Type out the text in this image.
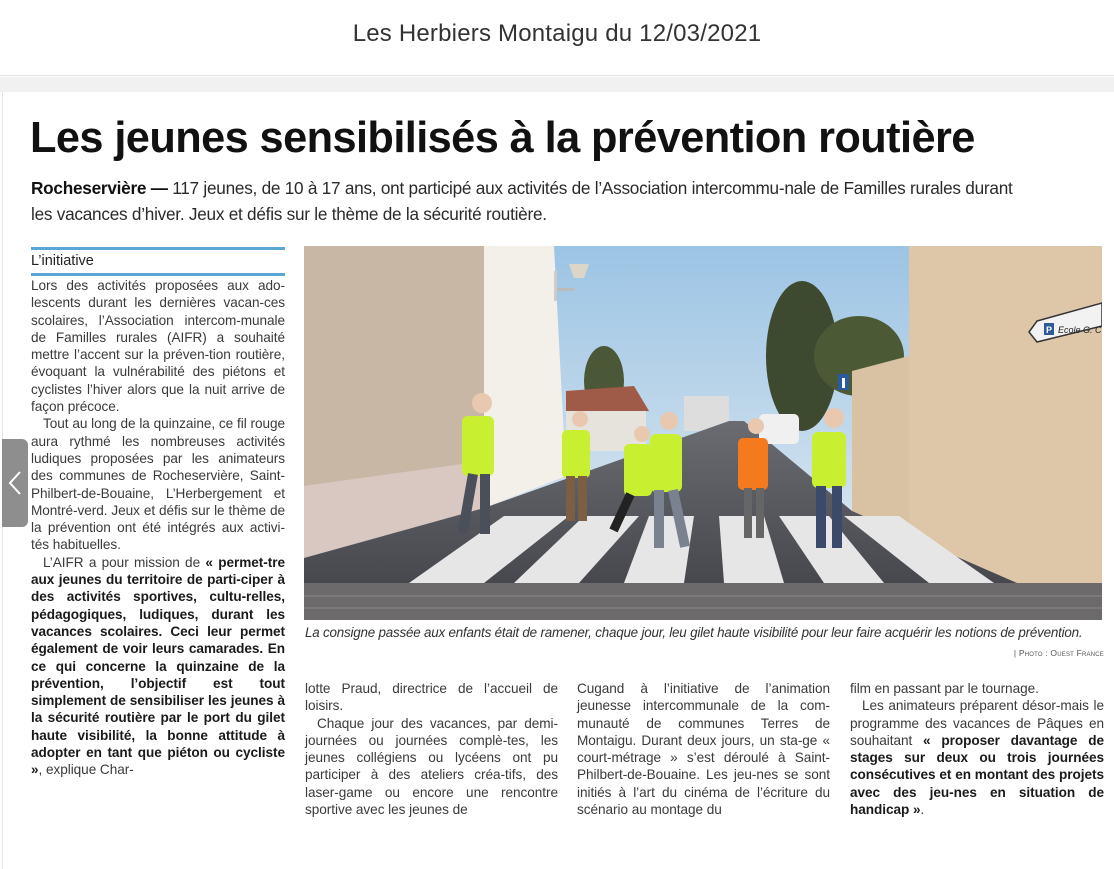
Les Herbiers Montaigu du 12/03/2021
Les jeunes sensibilisés à la prévention routière
Rocheservière — 117 jeunes, de 10 à 17 ans, ont participé aux activités de l’Association intercommu-nale de Familles rurales durant les vacances d’hiver. Jeux et défis sur le thème de la sécurité routière.
L’initiative

Lors des activités proposées aux ado-lescents durant les dernières vacan-ces scolaires, l’Association intercom-munale de Familles rurales (AIFR) a souhaité mettre l’accent sur la préven-tion routière, évoquant la vulnérabilité des piétons et cyclistes l’hiver alors que la nuit arrive de façon précoce.

Tout au long de la quinzaine, ce fil rouge aura rythmé les nombreuses activités ludiques proposées par les animateurs des communes de Rocheservière, Saint-Philbert-de-Bouaine, L’Herbergement et Montré-verd. Jeux et défis sur le thème de la prévention ont été intégrés aux activi-tés habituelles.

L’AIFR a pour mission de « permet-tre aux jeunes du territoire de parti-ciper à des activités sportives, cultu-relles, pédagogiques, ludiques, durant les vacances scolaires. Ceci leur permet également de voir leurs camarades. En ce qui concerne la quinzaine de la prévention, l’objectif est tout simplement de sensibiliser les jeunes à la sécurité routière par le port du gilet haute visibilité, la bonne attitude à adopter en tant que piéton ou cycliste », explique Char-

P Ecole G. C
La consigne passée aux enfants était de ramener, chaque jour, leu gilet haute visibilité pour leur faire acquérir les notions de prévention.
| Photo : Ouest France

lotte Praud, directrice de l’accueil de loisirs.

Chaque jour des vacances, par demi-journées ou journées complè-tes, les jeunes collégiens ou lycéens ont pu participer à des ateliers créa-tifs, des laser-game ou encore une rencontre sportive avec les jeunes de

Cugand à l’initiative de l’animation jeunesse intercommunale de la com-munauté de communes Terres de Montaigu. Durant deux jours, un sta-ge « court-métrage » s’est déroulé à Saint-Philbert-de-Bouaine. Les jeu-nes se sont initiés à l’art du cinéma de l’écriture du scénario au montage du

film en passant par le tournage.

Les animateurs préparent désor-mais le programme des vacances de Pâques en souhaitant « proposer davantage de stages sur deux ou trois journées consécutives et en montant des projets avec des jeu-nes en situation de handicap ».
